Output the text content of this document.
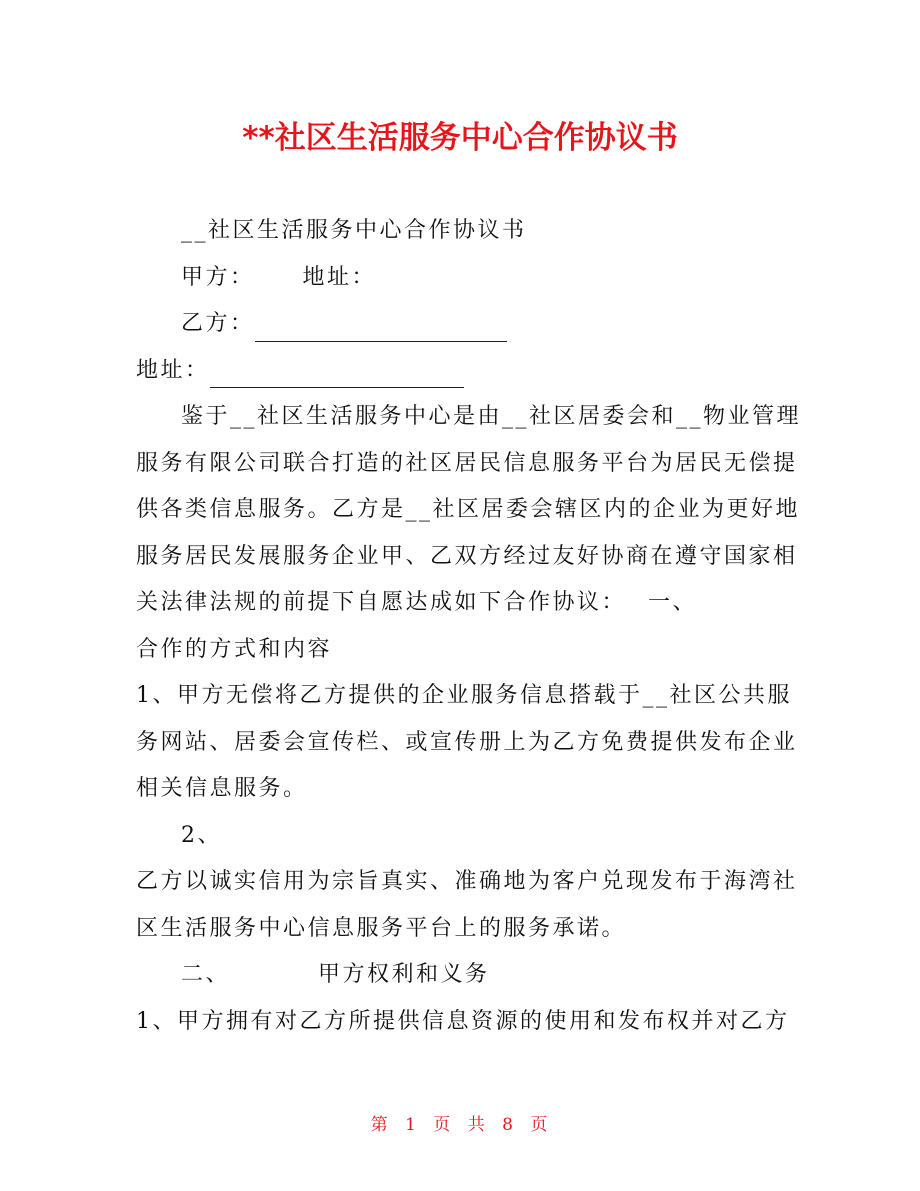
**社区生活服务中心合作协议书
__社区生活服务中心合作协议书
甲方： 地址：
乙方：
地址：
鉴于__社区生活服务中心是由__社区居委会和__物业管理
服务有限公司联合打造的社区居民信息服务平台为居民无偿提
供各类信息服务。乙方是__社区居委会辖区内的企业为更好地
服务居民发展服务企业甲、乙双方经过友好协商在遵守国家相
关法律法规的前提下自愿达成如下合作协议： 一、
合作的方式和内容
1、甲方无偿将乙方提供的企业服务信息搭载于__社区公共服
务网站、居委会宣传栏、或宣传册上为乙方免费提供发布企业
相关信息服务。
2、
乙方以诚实信用为宗旨真实、准确地为客户兑现发布于海湾社
区生活服务中心信息服务平台上的服务承诺。
二、	甲方权利和义务
1、甲方拥有对乙方所提供信息资源的使用和发布权并对乙方
第 1 页 共 8 页
